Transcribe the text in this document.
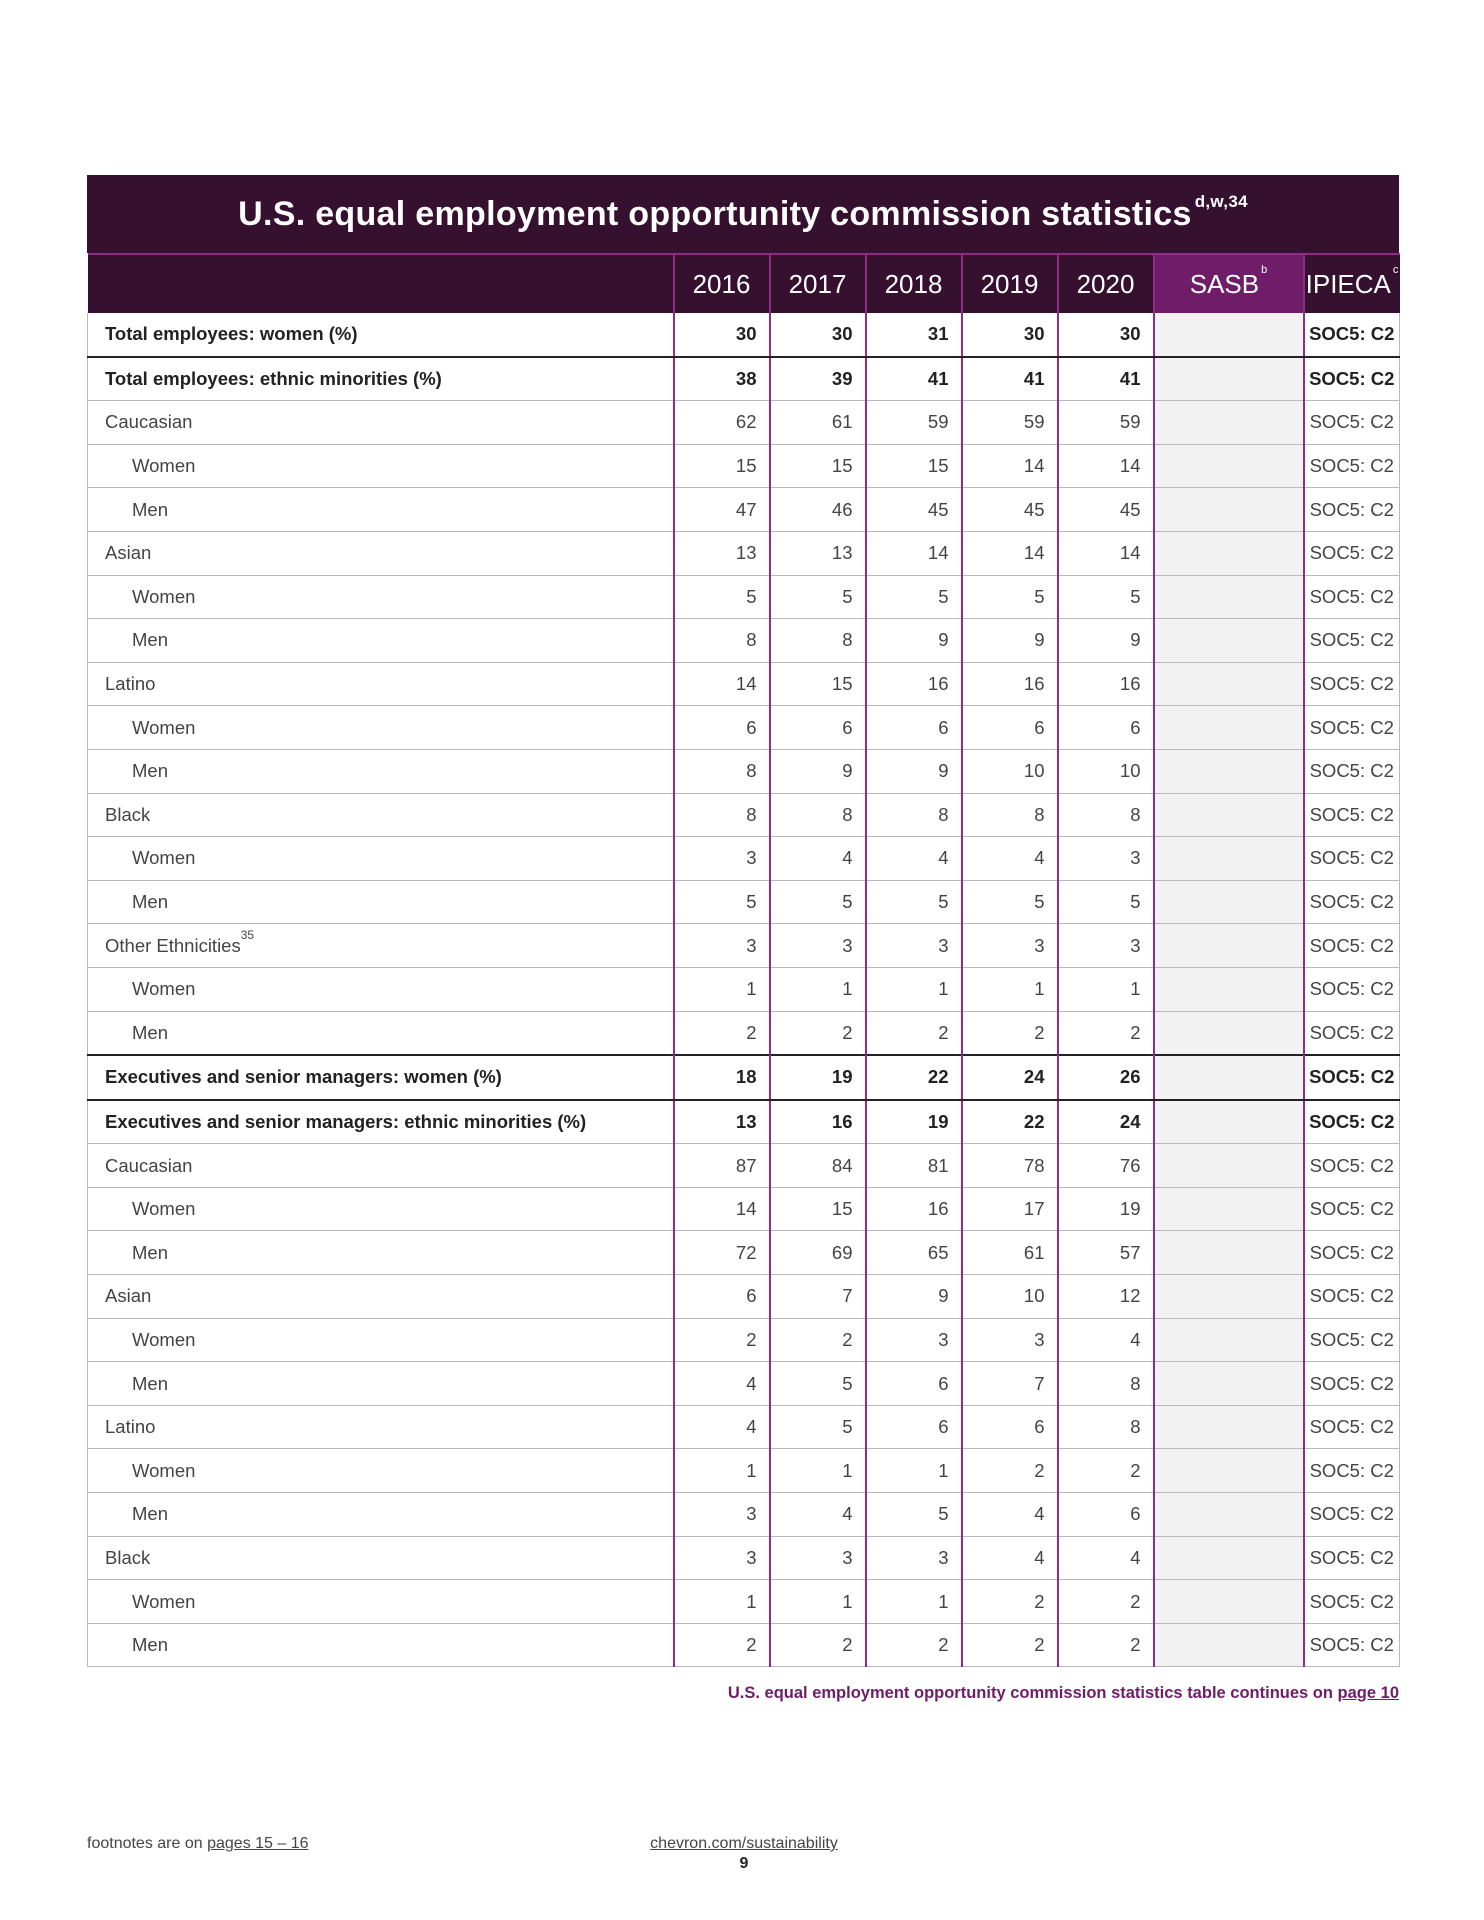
U.S. equal employment opportunity commission statistics$^{d,w,34}$
	2016	2017	2018	2019	2020	SASB $^b$	IPIECA $^c$
Total employees: women (%)	30	30	31	30	30		SOC5: C2
Total employees: ethnic minorities (%)	38	39	41	41	41		SOC5: C2
Caucasian	62	61	59	59	59		SOC5: C2
Women	15	15	15	14	14		SOC5: C2
Men	47	46	45	45	45		SOC5: C2
Asian	13	13	14	14	14		SOC5: C2
Women	5	5	5	5	5		SOC5: C2
Men	8	8	9	9	9		SOC5: C2
Latino	14	15	16	16	16		SOC5: C2
Women	6	6	6	6	6		SOC5: C2
Men	8	9	9	10	10		SOC5: C2
Black	8	8	8	8	8		SOC5: C2
Women	3	4	4	4	3		SOC5: C2
Men	5	5	5	5	5		SOC5: C2
Other Ethnicities$^{35}$	3	3	3	3	3		SOC5: C2
Women	1	1	1	1	1		SOC5: C2
Men	2	2	2	2	2		SOC5: C2
Executives and senior managers: women (%)	18	19	22	24	26		SOC5: C2
Executives and senior managers: ethnic minorities (%)	13	16	19	22	24		SOC5: C2
Caucasian	87	84	81	78	76		SOC5: C2
Women	14	15	16	17	19		SOC5: C2
Men	72	69	65	61	57		SOC5: C2
Asian	6	7	9	10	12		SOC5: C2
Women	2	2	3	3	4		SOC5: C2
Men	4	5	6	7	8		SOC5: C2
Latino	4	5	6	6	8		SOC5: C2
Women	1	1	1	2	2		SOC5: C2
Men	3	4	5	4	6		SOC5: C2
Black	3	3	3	4	4		SOC5: C2
Women	1	1	1	2	2		SOC5: C2
Men	2	2	2	2	2		SOC5: C2
U.S. equal employment opportunity commission statistics table continues on page 10
footnotes are on pages 15 – 16	chevron.com/sustainability
9
